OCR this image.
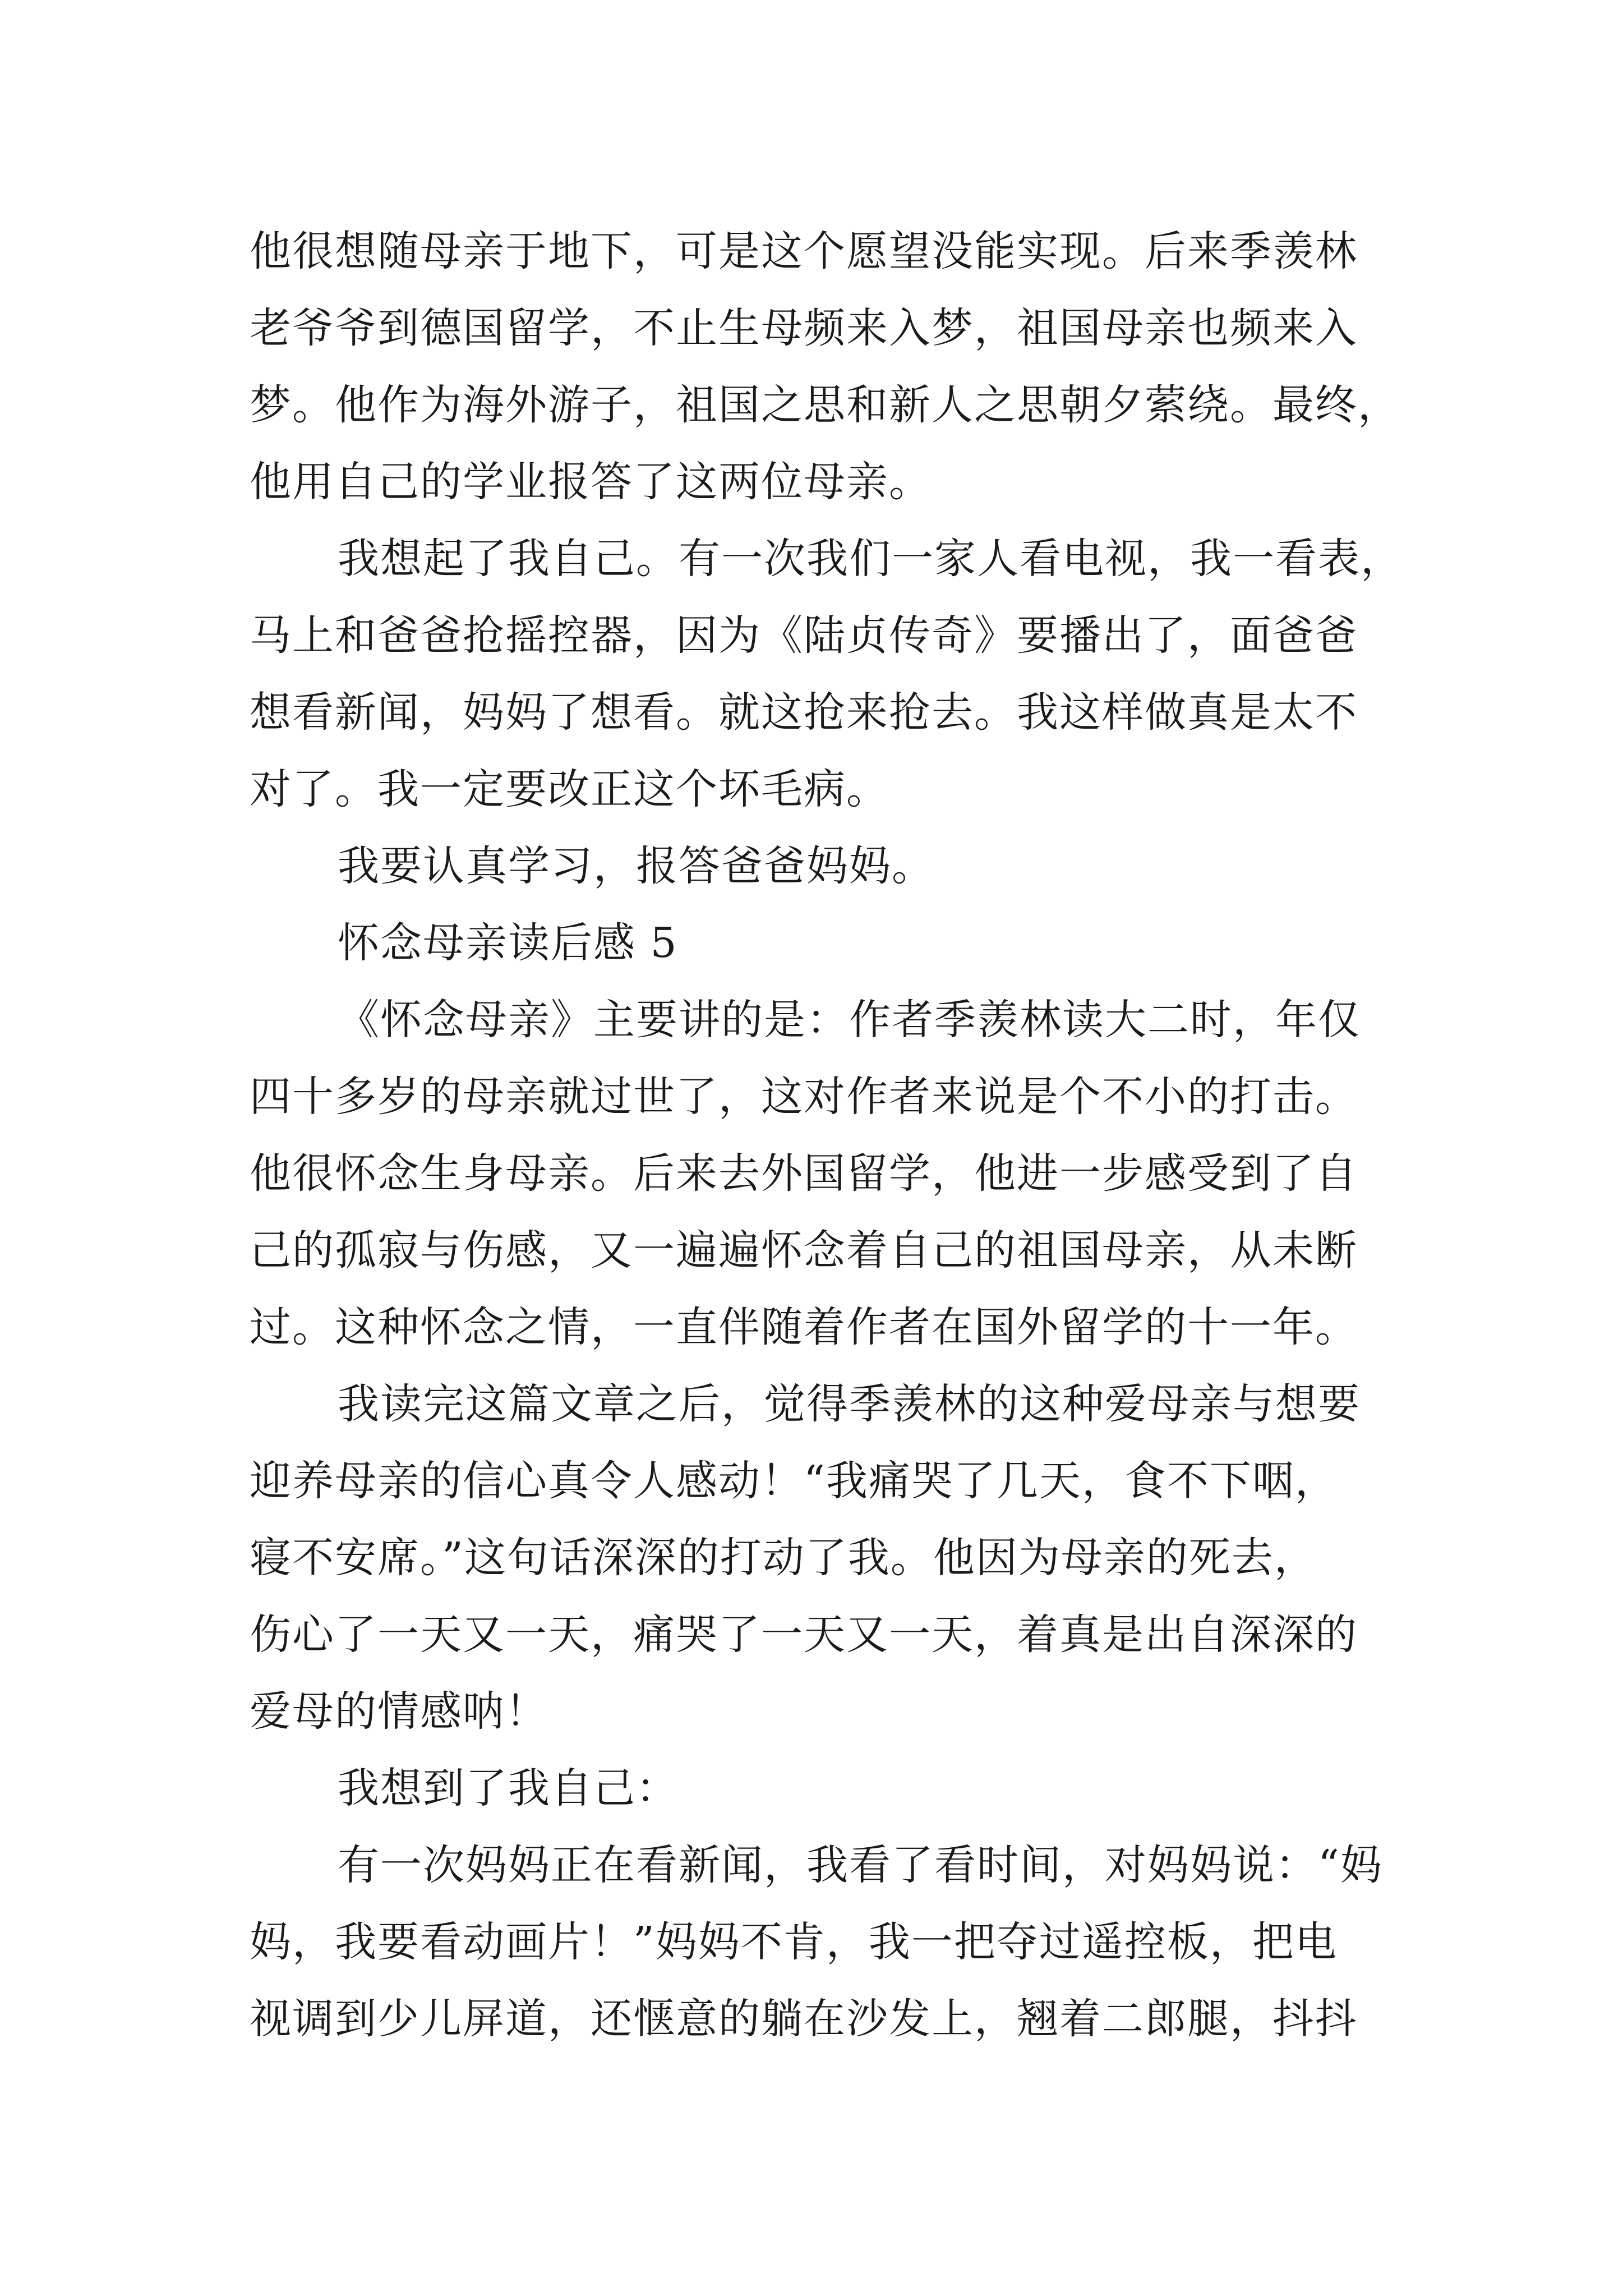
他很想随母亲于地下，可是这个愿望没能实现。后来季羡林
老爷爷到德国留学，不止生母频来入梦，祖国母亲也频来入
梦。他作为海外游子，祖国之思和新人之思朝夕萦绕。最终，
他用自己的学业报答了这两位母亲。
我想起了我自己。有一次我们一家人看电视，我一看表，
马上和爸爸抢摇控器，因为《陆贞传奇》要播出了，面爸爸
想看新闻，妈妈了想看。就这抢来抢去。我这样做真是太不
对了。我一定要改正这个坏毛病。
我要认真学习，报答爸爸妈妈。
怀念母亲读后感 5
《怀念母亲》主要讲的是：作者季羡林读大二时，年仅
四十多岁的母亲就过世了，这对作者来说是个不小的打击。
他很怀念生身母亲。后来去外国留学，他进一步感受到了自
己的孤寂与伤感，又一遍遍怀念着自己的祖国母亲，从未断
过。这种怀念之情，一直伴随着作者在国外留学的十一年。
我读完这篇文章之后，觉得季羡林的这种爱母亲与想要
迎养母亲的信心真令人感动！“我痛哭了几天，食不下咽，
寝不安席。”这句话深深的打动了我。他因为母亲的死去，
伤心了一天又一天，痛哭了一天又一天，着真是出自深深的
爱母的情感呐！
我想到了我自己：
有一次妈妈正在看新闻，我看了看时间，对妈妈说：“妈
妈，我要看动画片！”妈妈不肯，我一把夺过遥控板，把电
视调到少儿屏道，还惬意的躺在沙发上，翘着二郎腿，抖抖
